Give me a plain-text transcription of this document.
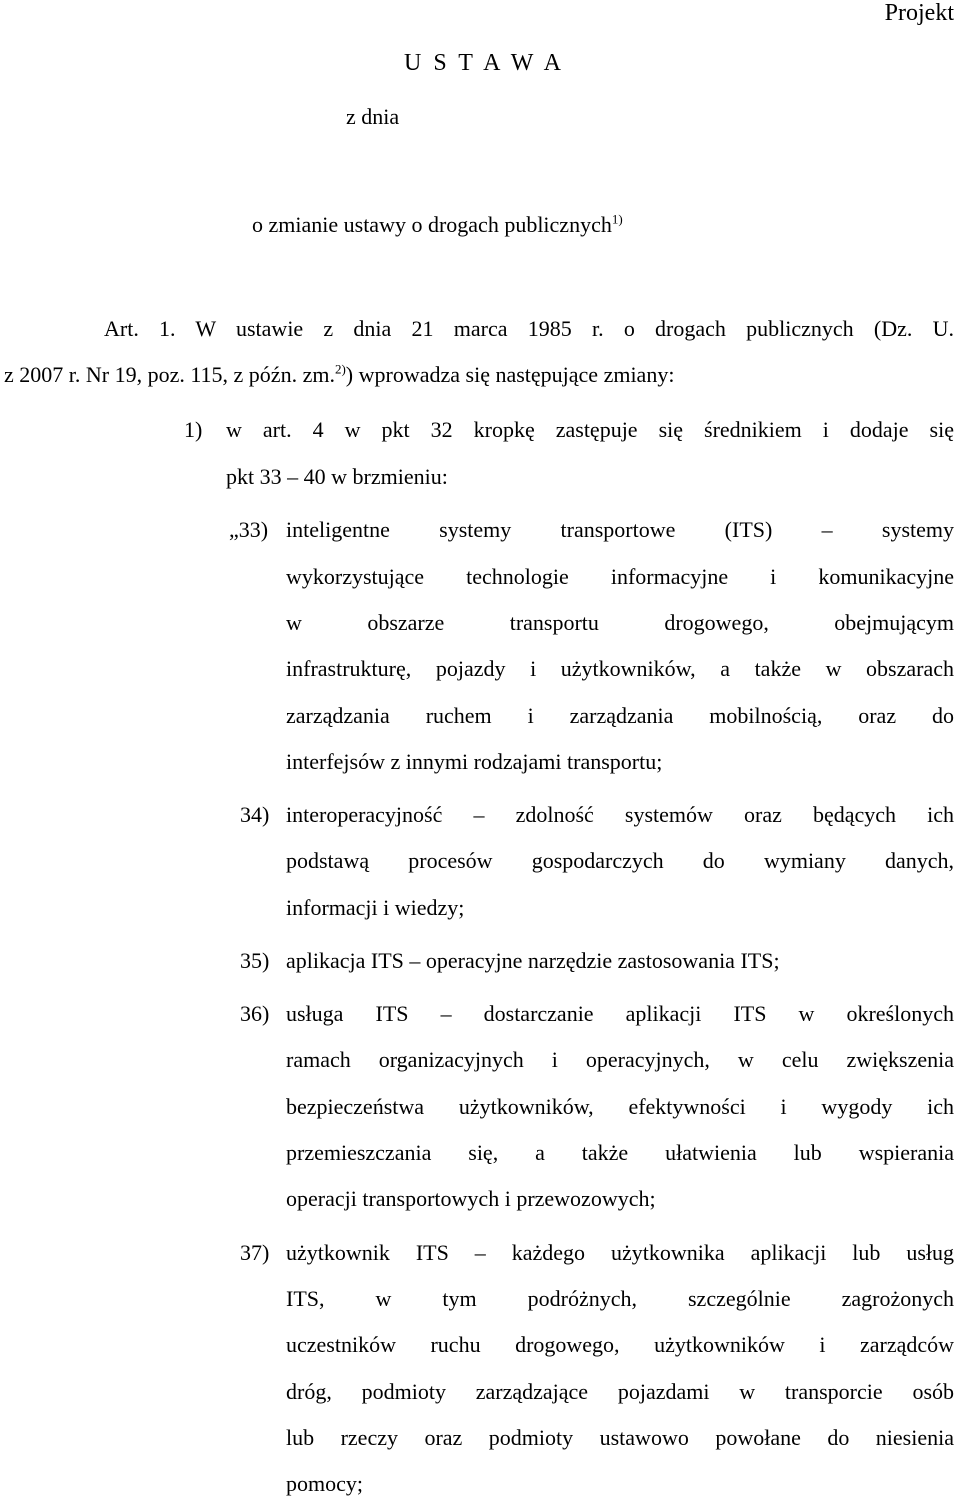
Projekt
U S T A W A
z dnia
o zmianie ustawy o drogach publicznych$^{1)}$
Art. 1. W ustawie z dnia 21 marca 1985 r. o drogach publicznych (Dz. U.
z 2007 r. Nr 19, poz. 115, z późn. zm.$^{2)}$) wprowadza się następujące zmiany:
1) w art. 4 w pkt 32 kropkę zastępuje się średnikiem i dodaje się
pkt 33 – 40 w brzmieniu:
„33) inteligentne systemy transportowe (ITS) – systemy
wykorzystujące technologie informacyjne i komunikacyjne
w obszarze transportu drogowego, obejmującym
infrastrukturę, pojazdy i użytkowników, a także w obszarach
zarządzania ruchem i zarządzania mobilnością, oraz do
interfejsów z innymi rodzajami transportu;
34) interoperacyjność – zdolność systemów oraz będących ich
podstawą procesów gospodarczych do wymiany danych,
informacji i wiedzy;
35) aplikacja ITS – operacyjne narzędzie zastosowania ITS;
36) usługa ITS – dostarczanie aplikacji ITS w określonych
ramach organizacyjnych i operacyjnych, w celu zwiększenia
bezpieczeństwa użytkowników, efektywności i wygody ich
przemieszczania się, a także ułatwienia lub wspierania
operacji transportowych i przewozowych;
37) użytkownik ITS – każdego użytkownika aplikacji lub usług
ITS, w tym podróżnych, szczególnie zagrożonych
uczestników ruchu drogowego, użytkowników i zarządców
dróg, podmioty zarządzające pojazdami w transporcie osób
lub rzeczy oraz podmioty ustawowo powołane do niesienia
pomocy;
